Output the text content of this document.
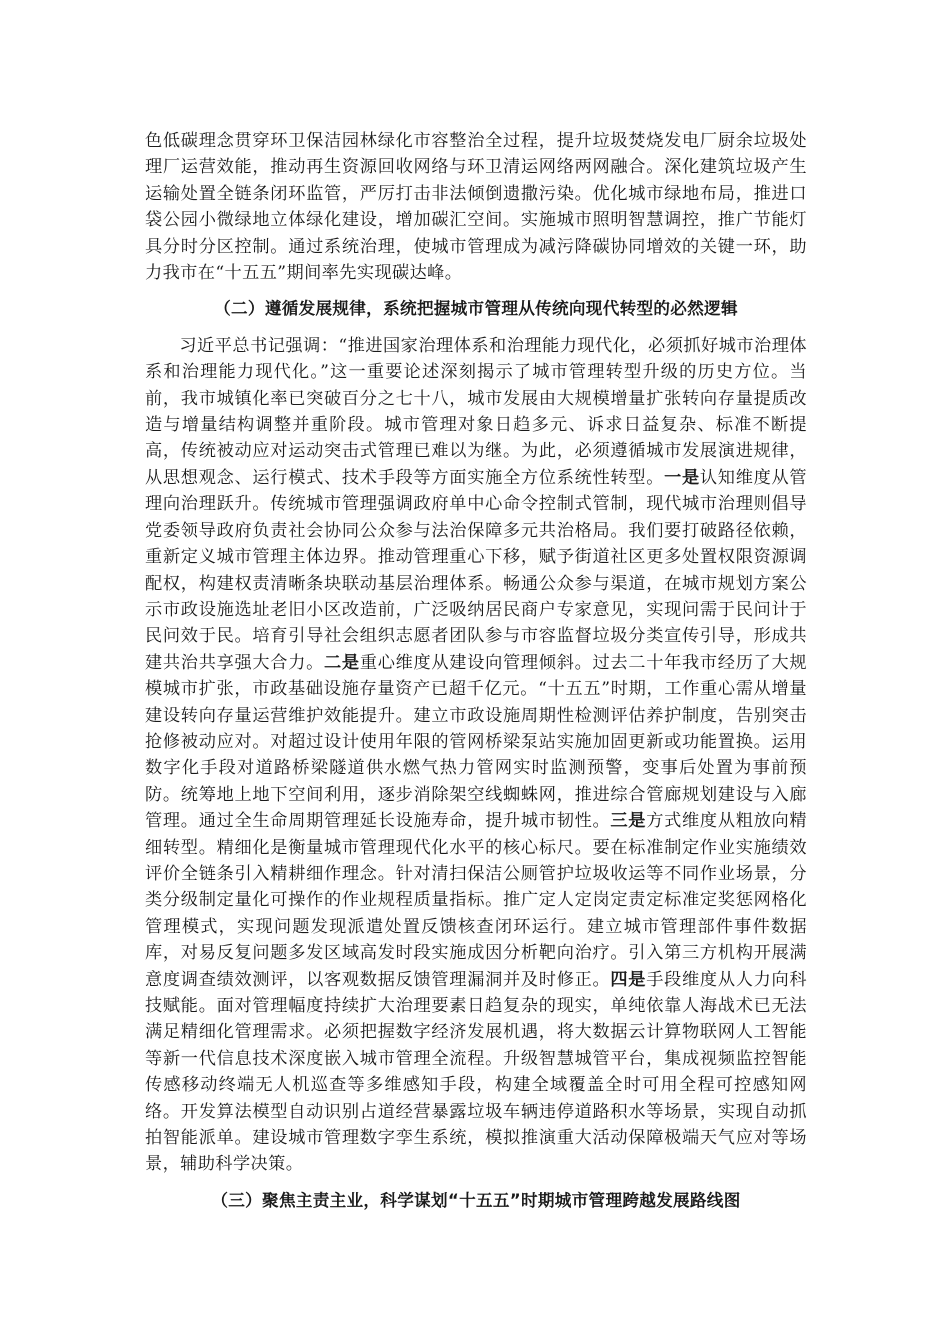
色低碳理念贯穿环卫保洁园林绿化市容整治全过程，提升垃圾焚烧发电厂厨余垃圾处理厂运营效能，推动再生资源回收网络与环卫清运网络两网融合。深化建筑垃圾产生运输处置全链条闭环监管，严厉打击非法倾倒遗撒污染。优化城市绿地布局，推进口袋公园小微绿地立体绿化建设，增加碳汇空间。实施城市照明智慧调控，推广节能灯具分时分区控制。通过系统治理，使城市管理成为减污降碳协同增效的关键一环，助力我市在“十五五”期间率先实现碳达峰。

（二）遵循发展规律，系统把握城市管理从传统向现代转型的必然逻辑

习近平总书记强调：“推进国家治理体系和治理能力现代化，必须抓好城市治理体系和治理能力现代化。”这一重要论述深刻揭示了城市管理转型升级的历史方位。当前，我市城镇化率已突破百分之七十八，城市发展由大规模增量扩张转向存量提质改造与增量结构调整并重阶段。城市管理对象日趋多元、诉求日益复杂、标准不断提高，传统被动应对运动突击式管理已难以为继。为此，必须遵循城市发展演进规律，从思想观念、运行模式、技术手段等方面实施全方位系统性转型。一是认知维度从管理向治理跃升。传统城市管理强调政府单中心命令控制式管制，现代城市治理则倡导党委领导政府负责社会协同公众参与法治保障多元共治格局。我们要打破路径依赖，重新定义城市管理主体边界。推动管理重心下移，赋予街道社区更多处置权限资源调配权，构建权责清晰条块联动基层治理体系。畅通公众参与渠道，在城市规划方案公示市政设施选址老旧小区改造前，广泛吸纳居民商户专家意见，实现问需于民问计于民问效于民。培育引导社会组织志愿者团队参与市容监督垃圾分类宣传引导，形成共建共治共享强大合力。二是重心维度从建设向管理倾斜。过去二十年我市经历了大规模城市扩张，市政基础设施存量资产已超千亿元。“十五五”时期，工作重心需从增量建设转向存量运营维护效能提升。建立市政设施周期性检测评估养护制度，告别突击抢修被动应对。对超过设计使用年限的管网桥梁泵站实施加固更新或功能置换。运用数字化手段对道路桥梁隧道供水燃气热力管网实时监测预警，变事后处置为事前预防。统筹地上地下空间利用，逐步消除架空线蜘蛛网，推进综合管廊规划建设与入廊管理。通过全生命周期管理延长设施寿命，提升城市韧性。三是方式维度从粗放向精细转型。精细化是衡量城市管理现代化水平的核心标尺。要在标准制定作业实施绩效评价全链条引入精耕细作理念。针对清扫保洁公厕管护垃圾收运等不同作业场景，分类分级制定量化可操作的作业规程质量指标。推广定人定岗定责定标准定奖惩网格化管理模式，实现问题发现派遣处置反馈核查闭环运行。建立城市管理部件事件数据库，对易反复问题多发区域高发时段实施成因分析靶向治疗。引入第三方机构开展满意度调查绩效测评，以客观数据反馈管理漏洞并及时修正。四是手段维度从人力向科技赋能。面对管理幅度持续扩大治理要素日趋复杂的现实，单纯依靠人海战术已无法满足精细化管理需求。必须把握数字经济发展机遇，将大数据云计算物联网人工智能等新一代信息技术深度嵌入城市管理全流程。升级智慧城管平台，集成视频监控智能传感移动终端无人机巡查等多维感知手段，构建全域覆盖全时可用全程可控感知网络。开发算法模型自动识别占道经营暴露垃圾车辆违停道路积水等场景，实现自动抓拍智能派单。建设城市管理数字孪生系统，模拟推演重大活动保障极端天气应对等场景，辅助科学决策。

（三）聚焦主责主业，科学谋划“十五五”时期城市管理跨越发展路线图
